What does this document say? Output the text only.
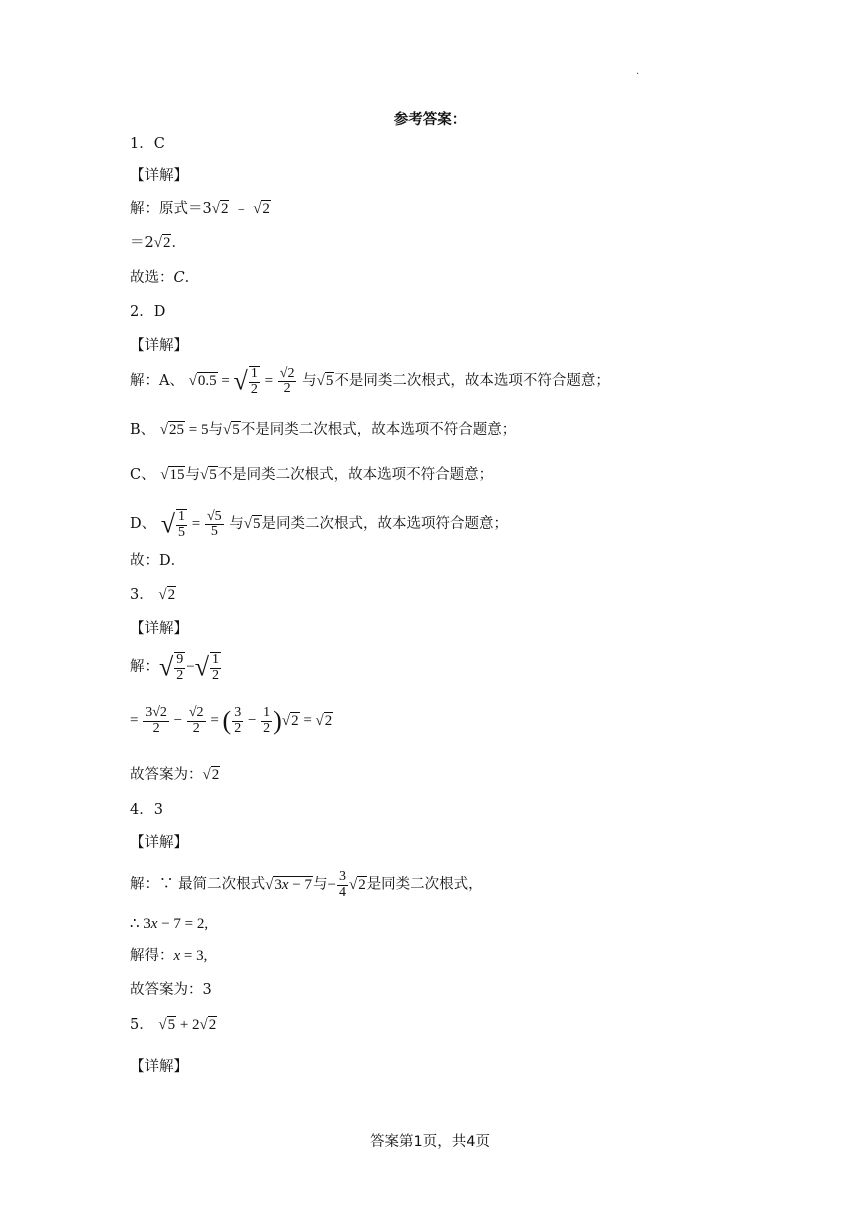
.
参考答案：
1．C
【详解】
解：原式＝3√2 ﹣ √2
＝2√2．
故选：C．
2．D
【详解】
解：A、 √0.5 = √ $\frac{1}{2} = \frac{√2}{2}$ 与√5不是同类二次根式，故本选项不符合题意；
B、 √25 = 5与√5不是同类二次根式，故本选项不符合题意；
C、 √15与√5不是同类二次根式，故本选项不符合题意；
D、 √ $\frac{1}{5} = \frac{√5}{5}$ 与√5是同类二次根式，故本选项符合题意；
故：D．
3． √2
【详解】
解：√ $\frac{9}{2}$ −√ $\frac{1}{2}$
= $\frac{3√2}{2} - \frac{√2}{2}$ = ( $\frac{3}{2} - \frac{1}{2} )√2 = √2$
故答案为：√2
4．3
【详解】
解：∵ 最简二次根式√3x − 7与− $\frac{3}{4} √2$是同类二次根式，
∴ 3x − 7 = 2,
解得：x = 3,
故答案为：3
5． √5 + 2√2
【详解】
答案第1页，共4页
